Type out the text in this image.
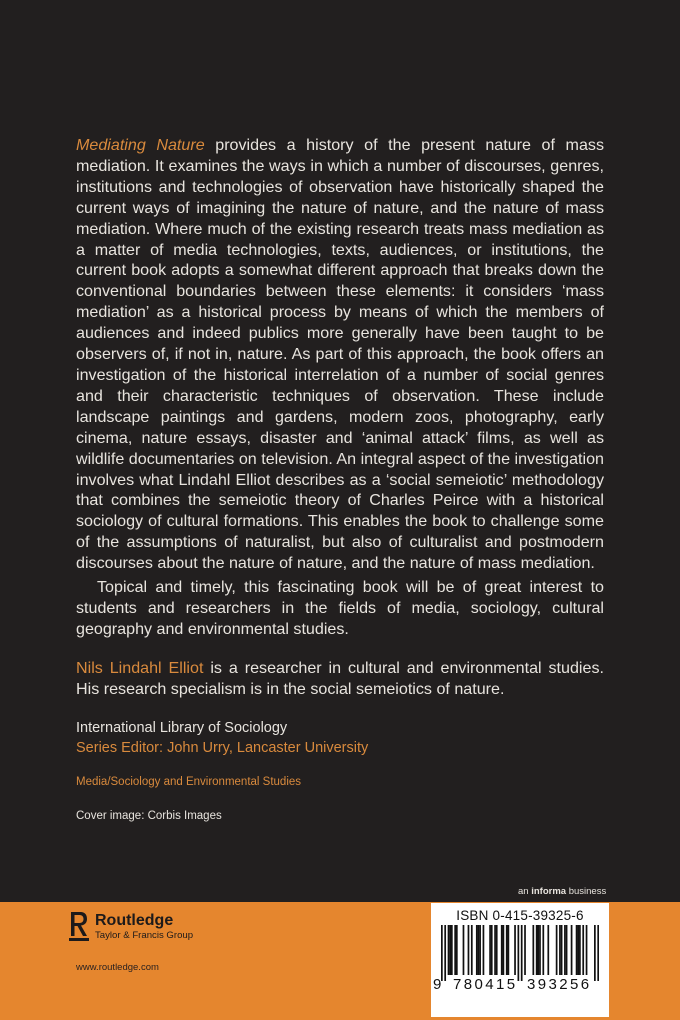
Mediating Nature provides a history of the present nature of mass mediation. It examines the ways in which a number of discourses, genres, institutions and technologies of observation have historically shaped the current ways of imagining the nature of nature, and the nature of mass mediation. Where much of the existing research treats mass mediation as a matter of media technologies, texts, audiences, or institutions, the current book adopts a somewhat different approach that breaks down the conventional boundaries between these elements: it considers ‘mass mediation’ as a historical process by means of which the members of audiences and indeed publics more generally have been taught to be observers of, if not in, nature. As part of this approach, the book offers an investigation of the historical interrelation of a number of social genres and their characteristic techniques of observation. These include landscape paintings and gardens, modern zoos, photography, early cinema, nature essays, disaster and ‘animal attack’ films, as well as wildlife documentaries on television. An integral aspect of the investigation involves what Lindahl Elliot describes as a ‘social semeiotic’ methodology that combines the semeiotic theory of Charles Peirce with a historical sociology of cultural formations. This enables the book to challenge some of the assumptions of naturalist, but also of culturalist and postmodern discourses about the nature of nature, and the nature of mass mediation.

Topical and timely, this fascinating book will be of great interest to students and researchers in the fields of media, sociology, cultural geography and environmental studies.

Nils Lindahl Elliot is a researcher in cultural and environmental studies. His research specialism is in the social semeiotics of nature.

International Library of Sociology
Series Editor: John Urry, Lancaster University

Media/Sociology and Environmental Studies

Cover image: Corbis Images

an informa business
Routledge
Taylor & Francis Group
www.routledge.com
ISBN 0-415-39325-6
9 780415 393256
